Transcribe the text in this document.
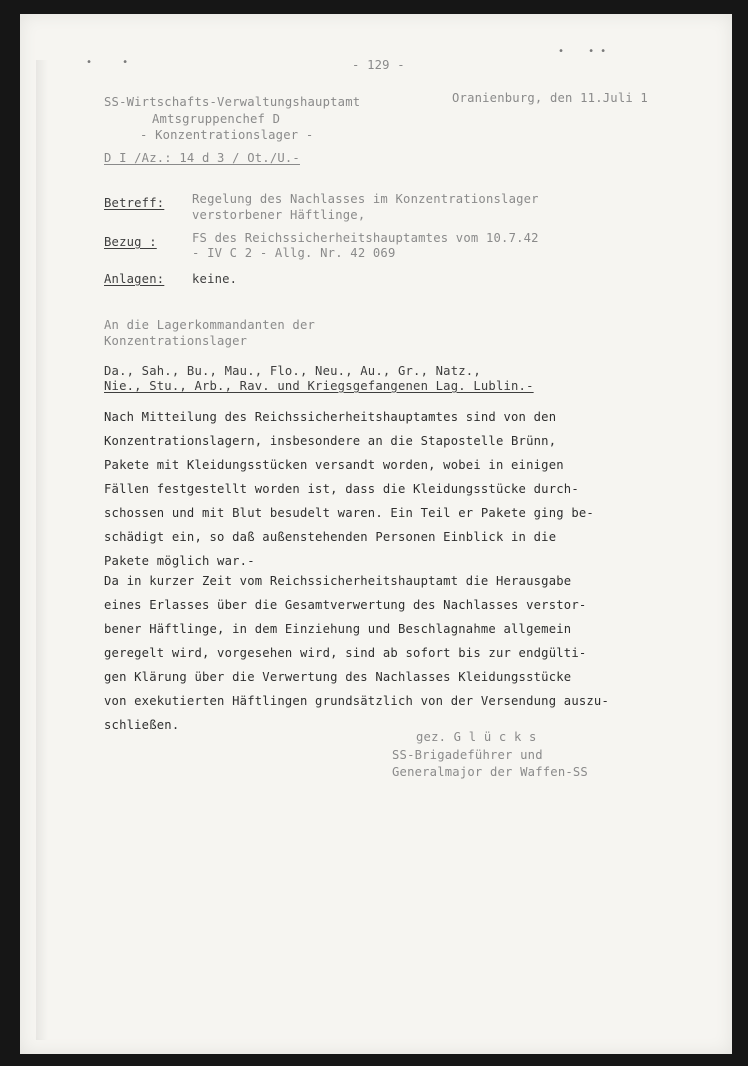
•     •
•    • •
- 129 -
SS-Wirtschafts-Verwaltungshauptamt
Amtsgruppenchef D
- Konzentrationslager -
Oranienburg, den 11.Juli 1
D I /Az.: 14 d 3 / Ot./U.-
Betreff: Regelung des Nachlasses im Konzentrationslager
verstorbener Häftlinge,
Bezug :	FS des Reichssicherheitshauptamtes vom 10.7.42
- IV C 2 - Allg. Nr. 42 069
Anlagen: keine.
An die Lagerkommandanten der
Konzentrationslager
Da., Sah., Bu., Mau., Flo., Neu., Au., Gr., Natz.,
Nie., Stu., Arb., Rav. und Kriegsgefangenen Lag. Lublin.-
Nach Mitteilung des Reichssicherheitshauptamtes sind von den
Konzentrationslagern, insbesondere an die Stapostelle Brünn,
Pakete mit Kleidungsstücken versandt worden, wobei in einigen
Fällen festgestellt worden ist, dass die Kleidungsstücke durch-
schossen und mit Blut besudelt waren. Ein Teil er Pakete ging be-
schädigt ein, so daß außenstehenden Personen Einblick in die
Pakete möglich war.-
Da in kurzer Zeit vom Reichssicherheitshauptamt die Herausgabe
eines Erlasses über die Gesamtverwertung des Nachlasses verstor-
bener Häftlinge, in dem Einziehung und Beschlagnahme allgemein
geregelt wird, vorgesehen wird, sind ab sofort bis zur endgülti-
gen Klärung über die Verwertung des Nachlasses Kleidungsstücke
von exekutierten Häftlingen grundsätzlich von der Versendung auszu-
schließen.
gez. G l ü c k s
SS-Brigadeführer und
Generalmajor der Waffen-SS
